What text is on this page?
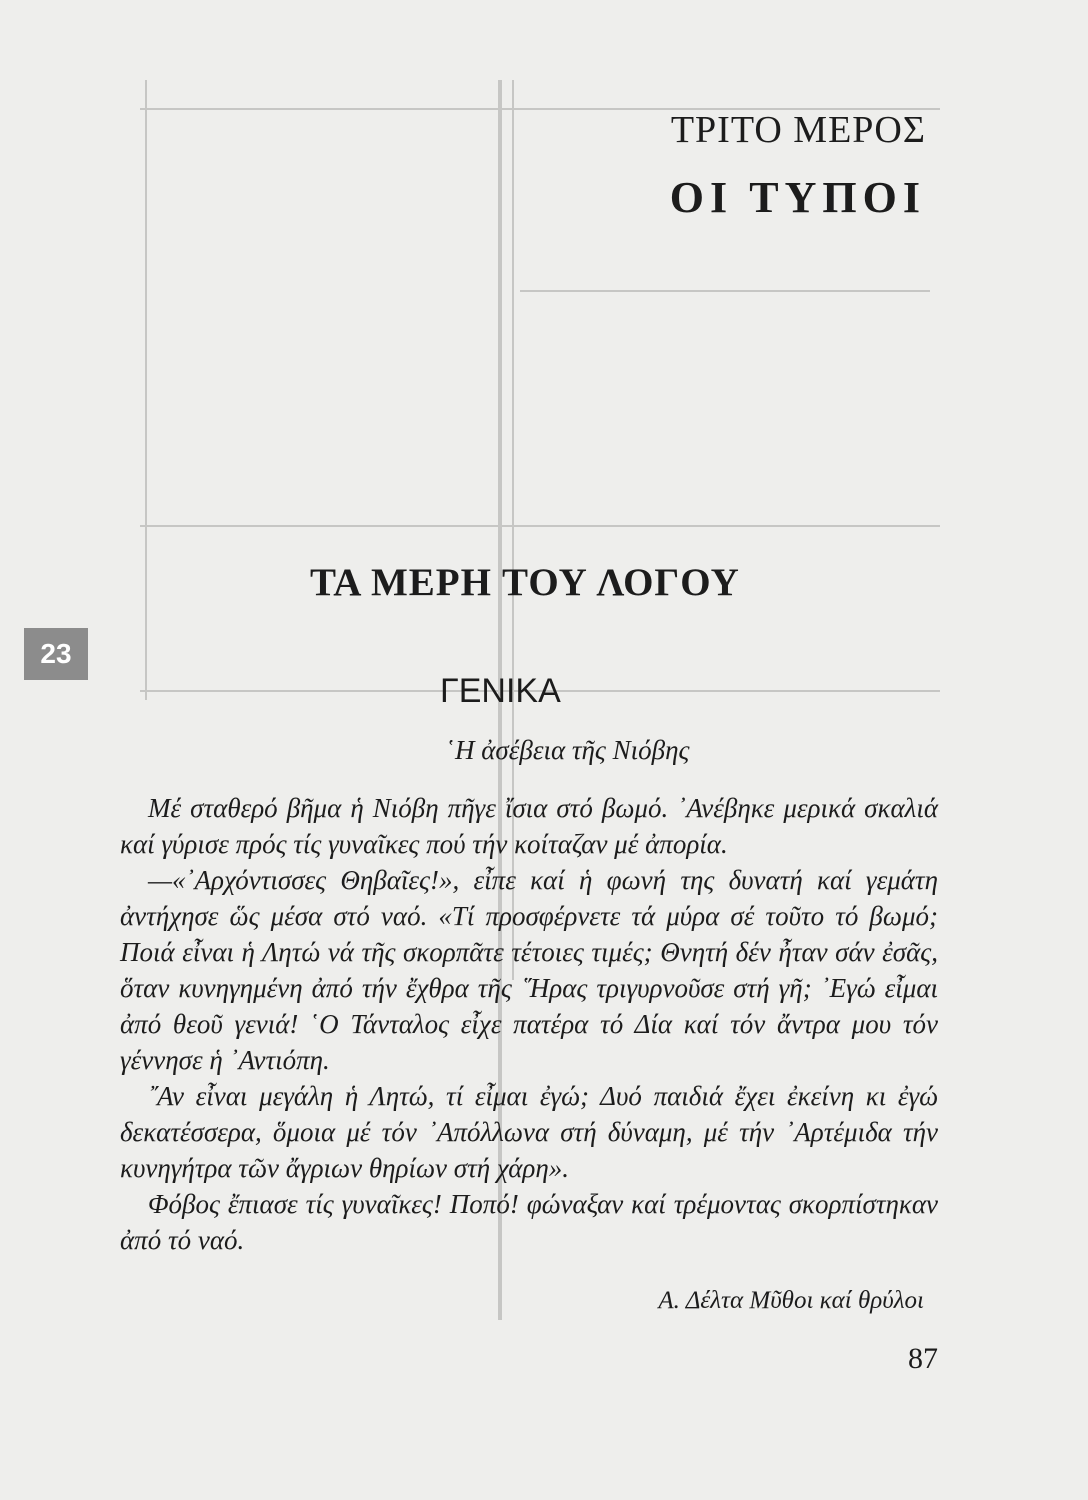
ΤΡΙΤΟ ΜΕΡΟΣ
ΟΙ ΤΥΠΟΙ
23
ΤΑ ΜΕΡΗ ΤΟΥ ΛΟΓΟΥ
ΓΕΝΙΚΑ
῾Η ἀσέβεια τῆς Νιόβης

Μέ σταθερό βῆμα ἡ Νιόβη πῆγε ἴσια στό βωμό. ᾿Ανέβηκε μερικά σκαλιά καί γύρισε πρός τίς γυναῖκες πού τήν κοίταζαν μέ ἀπορία.

—«᾿Αρχόντισσες Θηβαῖες!», εἶπε καί ἡ φωνή της δυνατή καί γεμάτη ἀντήχησε ὥς μέσα στό ναό. «Τί προσφέρνετε τά μύρα σέ τοῦτο τό βωμό; Ποιά εἶναι ἡ Λητώ νά τῆς σκορπᾶτε τέτοιες τιμές; Θνητή δέν ἦταν σάν ἐσᾶς, ὅταν κυνηγημένη ἀπό τήν ἔχθρα τῆς ῞Ηρας τριγυρνοῦσε στή γῆ; ᾿Εγώ εἶμαι ἀπό θεοῦ γενιά! ῾Ο Τάνταλος εἶχε πατέρα τό Δία καί τόν ἄντρα μου τόν γέννησε ἡ ᾿Αντιόπη.

῎Αν εἶναι μεγάλη ἡ Λητώ, τί εἶμαι ἐγώ; Δυό παιδιά ἔχει ἐκείνη κι ἐγώ δεκατέσσερα, ὅμοια μέ τόν ᾿Απόλλωνα στή δύναμη, μέ τήν ᾿Αρτέμιδα τήν κυνηγήτρα τῶν ἄγριων θηρίων στή χάρη».

Φόβος ἔπιασε τίς γυναῖκες! Ποπό! φώναξαν καί τρέμοντας σκορπίστηκαν ἀπό τό ναό.

Α. Δέλτα Μῦθοι καί θρύλοι
87
